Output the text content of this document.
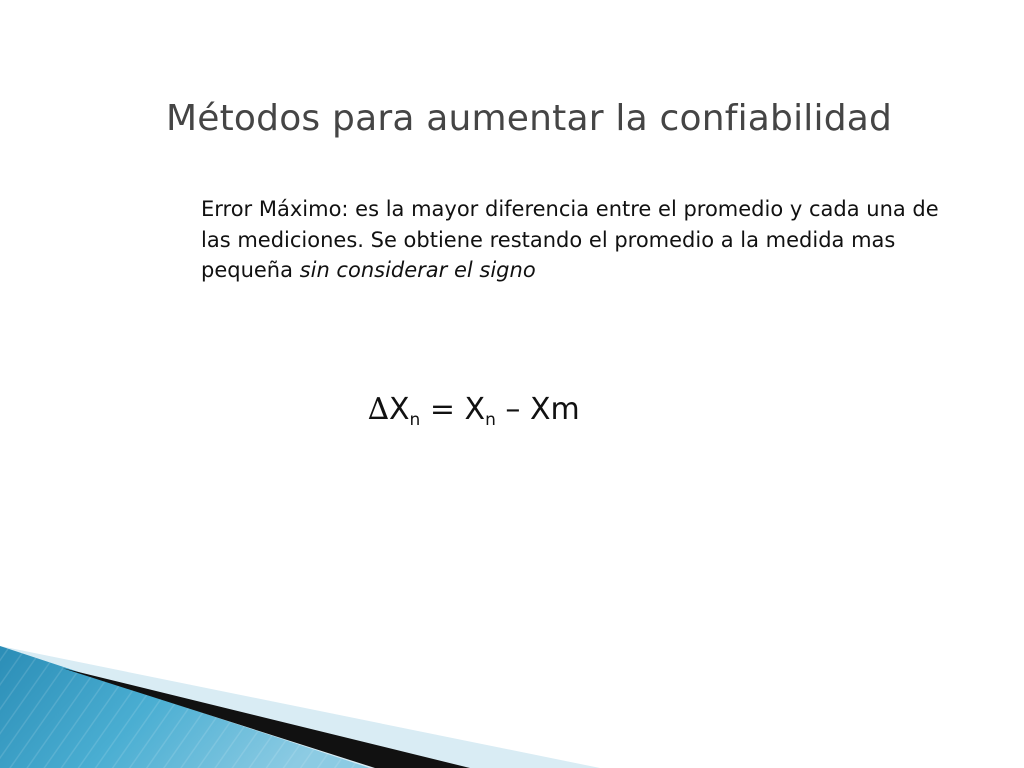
Métodos para aumentar la confiabilidad

Error Máximo: es la mayor diferencia entre el promedio y cada una de las mediciones. Se obtiene restando el promedio a la medida mas pequeña sin considerar el signo

$\Delta X_n = X_n - Xm$
